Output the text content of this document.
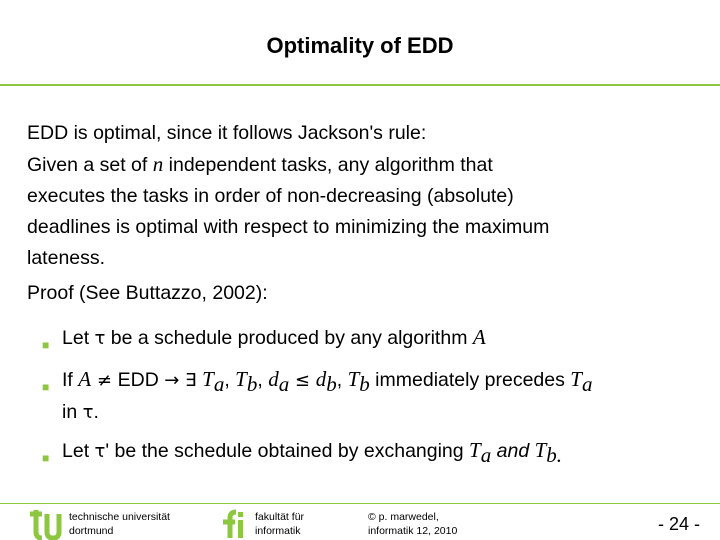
Optimality of EDD
EDD is optimal, since it follows Jackson's rule:
Given a set of n independent tasks, any algorithm that
executes the tasks in order of non-decreasing (absolute)
deadlines is optimal with respect to minimizing the maximum
lateness.
Proof (See Buttazzo, 2002):
■ Let τ be a schedule produced by any algorithm A
■ If A ≠ EDD → ∃ $T_a$, $T_b$, $d_a \le d_b$, $T_b$ immediately precedes $T_a$
in τ.
■ Let τ' be the schedule obtained by exchanging $T_a$ and $T_{b.}$
technische universität
dortmund
fakultät für
informatik
© p. marwedel,
informatik 12, 2010	- 24 -
